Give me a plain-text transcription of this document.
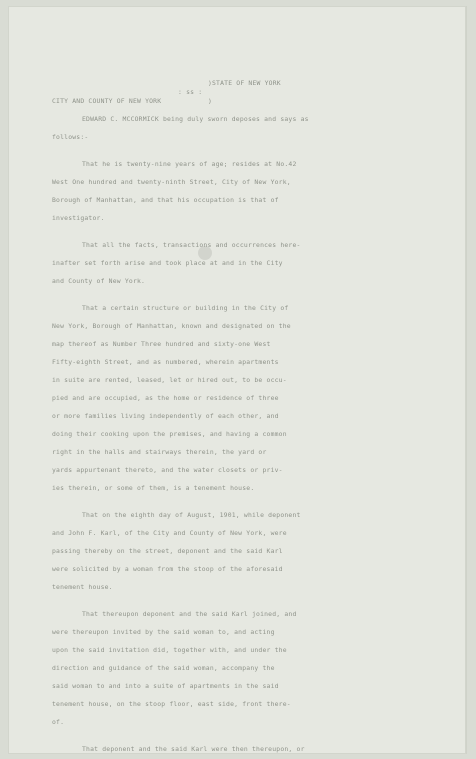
STATE OF NEW YORK
)
: ss :
CITY AND COUNTY OF NEW YORK	)
EDWARD C. MCCORMICK being duly sworn deposes and says as
follows:-
That he is twenty-nine years of age; resides at No.42
West One hundred and twenty-ninth Street, City of New York,
Borough of Manhattan, and that his occupation is that of
investigator.
That all the facts, transactions and occurrences here-
inafter set forth arise and took place at and in the City
and County of New York.
That a certain structure or building in the City of
New York, Borough of Manhattan, known and designated on the
map thereof as Number Three hundred and sixty-one West
Fifty-eighth Street, and as numbered, wherein apartments
in suite are rented, leased, let or hired out, to be occu-
pied and are occupied, as the home or residence of three
or more families living independently of each other, and
doing their cooking upon the premises, and having a common
right in the halls and stairways therein, the yard or
yards appurtenant thereto, and the water closets or priv-
ies therein, or some of them, is a tenement house.
That on the eighth day of August, 1901, while deponent
and John F. Karl, of the City and County of New York, were
passing thereby on the street, deponent and the said Karl
were solicited by a woman from the stoop of the aforesaid
tenement house.
That thereupon deponent and the said Karl joined, and
were thereupon invited by the said woman to, and acting
upon the said invitation did, together with, and under the
direction and guidance of the said woman, accompany the
said woman to and into a suite of apartments in the said
tenement house, on the stoop floor, east side, front there-
of.
That deponent and the said Karl were then thereupon, or
